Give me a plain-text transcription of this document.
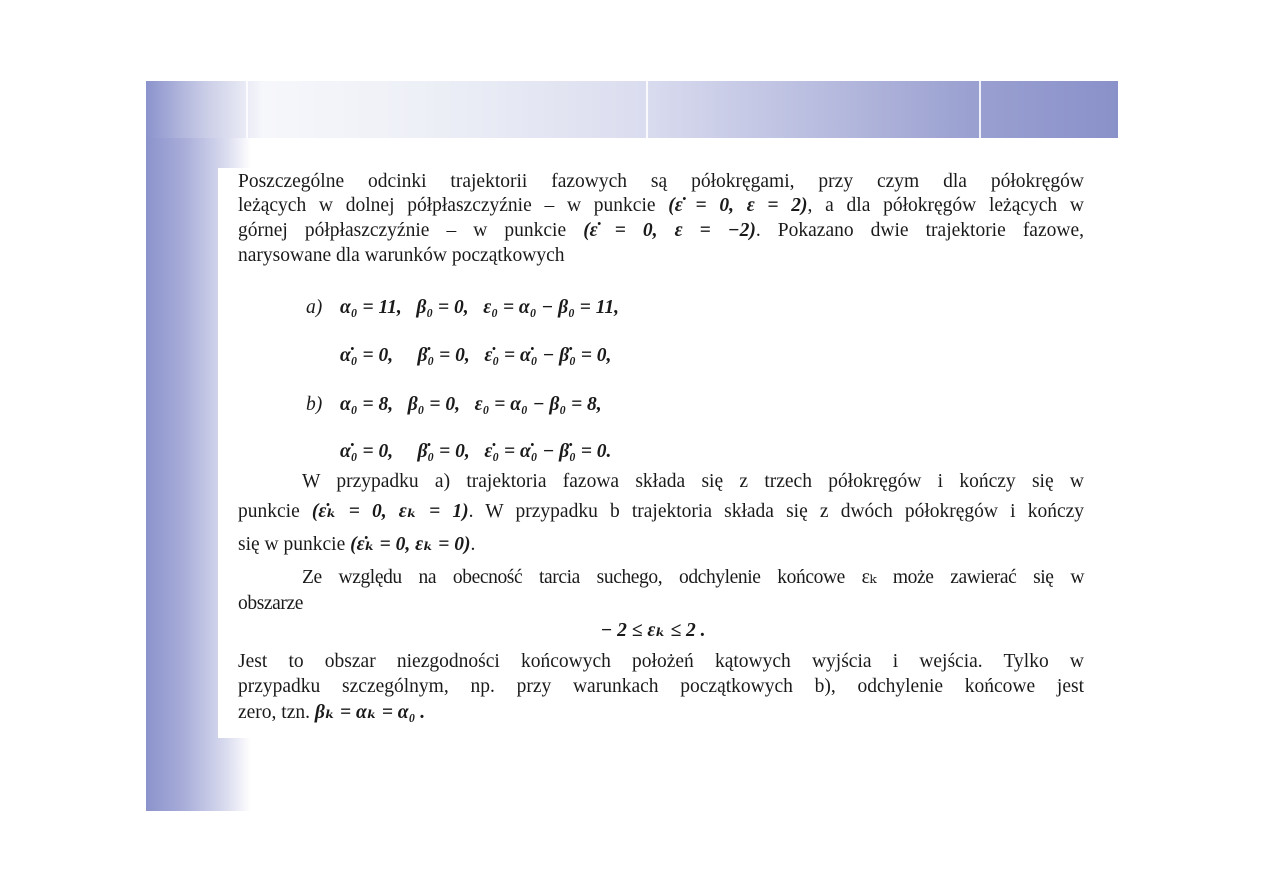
Poszczególne odcinki trajektorii fazowych są półokręgami, przy czym dla półokręgów

leżących w dolnej półpłaszczyźnie – w punkcie (ε̇ = 0, ε = 2), a dla półokręgów leżących w

górnej półpłaszczyźnie – w punkcie (ε̇ = 0, ε = −2). Pokazano dwie trajektorie fazowe,

narysowane dla warunków początkowych

a) α₀ = 11,   β₀ = 0,   ε₀ = α₀ − β₀ = 11,
α̇₀ = 0,     β̇₀ = 0,   ε̇₀ = α̇₀ − β̇₀ = 0,
b) α₀ = 8,   β₀ = 0,   ε₀ = α₀ − β₀ = 8,
α̇₀ = 0,     β̇₀ = 0,   ε̇₀ = α̇₀ − β̇₀ = 0.

W przypadku a) trajektoria fazowa składa się z trzech półokręgów i kończy się w

punkcie (ε̇ₖ = 0, εₖ = 1). W przypadku b trajektoria składa się z dwóch półokręgów i kończy

się w punkcie (ε̇ₖ = 0, εₖ = 0).

Ze względu na obecność tarcia suchego, odchylenie końcowe εₖ może zawierać się w

obszarze

− 2 ≤ εₖ ≤ 2 .

Jest to obszar niezgodności końcowych położeń kątowych wyjścia i wejścia. Tylko w

przypadku szczególnym, np. przy warunkach początkowych b), odchylenie końcowe jest

zero, tzn. βₖ = αₖ = α₀ .
